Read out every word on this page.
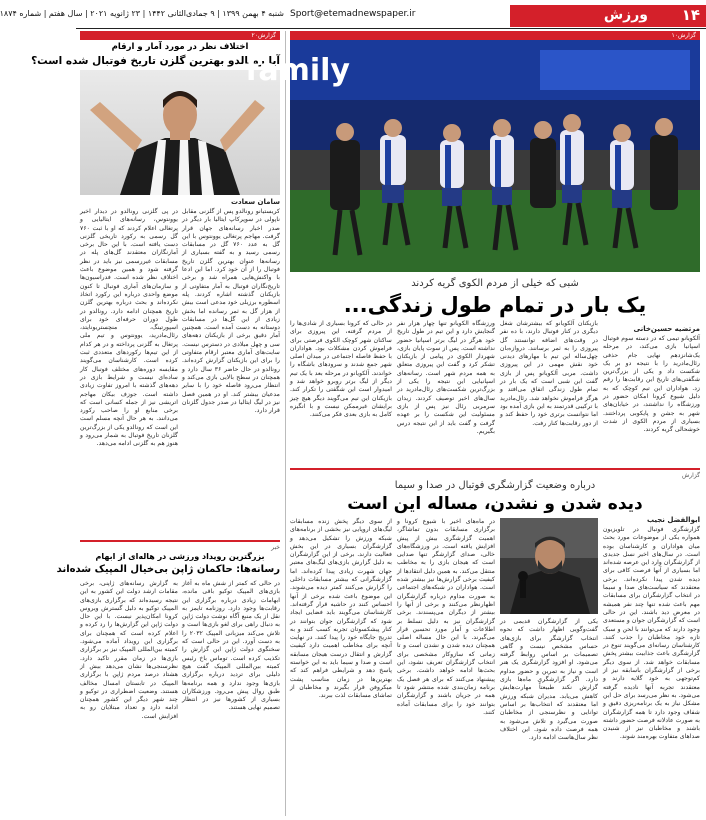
۱۴
ورزش
Sport@etemadnewspaper.ir
شنبه ۴ بهمن ۱۳۹۹ | ۹ جمادی‌الثانی ۱۴۴۲ | ۲۳ ژانویه ۲۰۲۱ | سال هفتم | شماره ۱۸۷۴
گزارش۲۰
اختلاف نظر در مورد آمار و ارقام
آیا رونالدو بهترین گلزن تاریخ فوتبال شده است؟
سامان سعادت

در پی گلزنی رونالدو در دیدار اخیر یوونتوس، رسانه‌های ایتالیایی و پرتغالی اعلام کردند که او با ثبت ۷۶۰ گل رسمی به رکورد تاریخی گلزنی دست یافته است. با این حال برخی آمارنگاران معتقدند گل‌های پله در مسابقات غیررسمی نیز باید در نظر گرفته شود و همین موضوع باعث اختلاف نظر شده است. فدراسیون‌ها و سازمان‌های آماری فوتبال تا کنون موضع واحدی درباره این رکورد اتخاذ نکرده‌اند و بحث درباره بهترین گلزن تاریخ همچنان ادامه دارد. رونالدو در طول دوران حرفه‌ای خود برای اسپورتینگ، منچستریونایتد، رئال‌مادرید، یوونتوس و تیم ملی پرتغال به گلزنی پرداخته و در هر کدام از این تیم‌ها رکوردهای متعددی ثبت کرده است. کارشناسان می‌گویند مقایسه دوره‌های مختلف فوتبال کار ساده‌ای نیست و شرایط بازی در دهه‌های گذشته با امروز تفاوت زیادی داشته است. جوزف بیکان مهاجم اتریشی نیز از جمله کسانی است که برخی منابع او را صاحب رکورد می‌دانند. به هر حال آنچه مسلم است این است که رونالدو یکی از بزرگ‌ترین گلزنان تاریخ فوتبال به شمار می‌رود و هنوز هم به گلزنی ادامه می‌دهد.

کریستیانو رونالدو پس از گلزنی مقابل ناپولی در سوپرکاپ ایتالیا بار دیگر در صدر اخبار رسانه‌های جهان قرار گرفت. مهاجم پرتغالی یوونتوس با این گل به عدد ۷۶۰ گل در مسابقات رسمی رسید و به گفته بسیاری از رسانه‌ها عنوان بهترین گلزن تاریخ فوتبال را از آن خود کرد. اما این ادعا با واکنش‌هایی همراه شد و برخی تاریخ‌نگاران فوتبال به آمار متفاوتی از بازیکنان گذشته اشاره کردند. پله اسطوره برزیلی خود مدعی است بیش از هزار گل به ثمر رسانده اما بخش زیادی از این گل‌ها در مسابقات دوستانه به دست آمده است. همچنین آمار دقیق برخی از بازیکنان دهه‌های سی و چهل میلادی در دسترس نیست. سایت‌های آماری معتبر ارقام متفاوتی را برای این بازیکنان گزارش کرده‌اند. رونالدو در حال حاضر ۳۶ سال دارد و همچنان در سطح بالایی بازی می‌کند و انتظار می‌رود فاصله خود را با سایر مدعیان بیشتر کند. او در همین فصل نیز در لیگ ایتالیا در صدر جدول گلزنان قرار دارد.

خبر
بزرگترین رویداد ورزشی در هاله‌ای از ابهام
رسانه‌ها: حاکمان ژاپن بی‌خیال المپیک شده‌اند

به گزارش رسانه‌های ژاپنی، برخی مقامات ارشد دولت این کشور به این نتیجه رسیده‌اند که برگزاری بازی‌های المپیک توکیو به دلیل گسترش ویروس کرونا امکان‌پذیر نیست. با این حال دولت ژاپن این گزارش‌ها را رد کرده و اعلام کرده است که همچنان برای برگزاری این رویداد آماده می‌شود. کمیته بین‌المللی المپیک نیز بر برگزاری بازی‌ها در زمان مقرر تاکید دارد. نظرسنجی‌ها نشان می‌دهد بیش از هشتاد درصد مردم ژاپن با برگزاری المپیک در تابستان امسال مخالف هستند. وضعیت اضطراری در توکیو و چند شهر دیگر این کشور همچنان ادامه دارد و تعداد مبتلایان رو به افزایش است.

در حالی که کمتر از شش ماه به آغاز بازی‌های المپیک توکیو باقی مانده، ابهامات زیادی درباره برگزاری این رقابت‌ها وجود دارد. روزنامه تایمز به نقل از یک منبع آگاه نوشت دولت ژاپن به دنبال راهی برای لغو بازی‌ها است و تلاش می‌کند میزبانی المپیک ۲۰۳۲ را به دست آورد. این در حالی است که سخنگوی دولت ژاپن این گزارش را تکذیب کرده است. توماس باخ رئیس کمیته بین‌المللی المپیک گفت هیچ دلیلی برای تردید درباره برگزاری بازی‌ها وجود ندارد و همه برنامه‌ها طبق روال پیش می‌رود. ورزشکاران بسیاری از کشورها نیز در انتظار تصمیم نهایی هستند.

گزارش۱۰
family
شبی که خیلی از مردم الکوی گریه کردند
یک بار در تمام طول زندگی...
مرتضیه حسین‌خانی

آلکویانو تیمی که در دسته سوم فوتبال اسپانیا بازی می‌کند، در مرحله یک‌شانزدهم نهایی جام حذفی رئال‌مادرید را با نتیجه دو بر یک شکست داد و یکی از بزرگ‌ترین شگفتی‌های تاریخ این رقابت‌ها را رقم زد. هواداران این تیم کوچک که به دلیل شیوع کرونا امکان حضور در ورزشگاه را نداشتند، در خیابان‌های شهر به جشن و پایکوبی پرداختند. بسیاری از مردم الکوی از شدت خوشحالی گریه کردند.

بازیکنان آلکویانو که بیشترشان شغل دیگری در کنار فوتبال دارند، با ده نفر در وقت‌های اضافه توانستند گل پیروزی را به ثمر برسانند. دروازه‌بان چهل‌ساله این تیم با مهارهای دیدنی خود نقش مهمی در این پیروزی داشت. مربی آلکویانو پس از بازی گفت این شبی است که یک بار در تمام طول زندگی اتفاق می‌افتد و هرگز فراموش نخواهد شد. رئال‌مادرید با ترکیبی قدرتمند به این بازی آمده بود اما نتوانست برتری خود را حفظ کند و از دور رقابت‌ها کنار رفت.

ورزشگاه الکویانو تنها چهار هزار نفر گنجایش دارد و این تیم در طول تاریخ خود هرگز در لیگ برتر اسپانیا حضور نداشته است. پس از سوت پایان بازی، شهردار الکوی در پیامی از بازیکنان تشکر کرد و گفت این پیروزی متعلق به همه مردم شهر است. رسانه‌های اسپانیایی این نتیجه را یکی از بزرگ‌ترین شکست‌های رئال‌مادرید در سال‌های اخیر توصیف کردند. زیدان سرمربی رئال نیز پس از بازی مسئولیت این شکست را بر عهده گرفت و گفت باید از این نتیجه درس بگیریم.

در حالی که کرونا بسیاری از شادی‌ها را از مردم گرفته، این پیروزی برای ساکنان شهر کوچک الکوی فرصتی برای فراموش کردن مشکلات بود. هواداران با حفظ فاصله اجتماعی در میدان اصلی شهر جمع شدند و سرودهای باشگاه را خواندند. آلکویانو در مرحله بعد با یک تیم دیگر از لیگ برتر روبرو خواهد شد و امیدوار است این شگفتی را تکرار کند. بازیکنان این تیم می‌گویند دیگر هیچ چیز برایشان غیرممکن نیست و با انگیزه کامل به بازی بعدی فکر می‌کنند.

گزارش
درباره وضعیت گزارشگری فوتبال در صدا و سیما
دیده شدن و نشدن، مساله این است
ابوالفضل نجیب

گزارشگری فوتبال در تلویزیون همواره یکی از موضوعات مورد بحث میان هواداران و کارشناسان بوده است. در سال‌های اخیر نسل جدیدی از گزارشگران وارد این عرصه شده‌اند اما بسیاری از آنها فرصت کافی برای دیده شدن پیدا نکرده‌اند. برخی معتقدند که سیاست‌های صدا و سیما در انتخاب گزارشگران برای مسابقات مهم باعث شده تنها چند نفر همیشه در معرض دید باشند. این در حالی است که گزارشگران جوان و مستعدی وجود دارند که می‌توانند با لحن و سبک تازه خود مخاطبان را جذب کنند. کارشناسان رسانه‌ای می‌گویند تنوع در گزارشگری باعث جذابیت بیشتر پخش مسابقات خواهد شد. از سوی دیگر برخی از گزارشگران باسابقه نیز از کم‌توجهی به خود گلایه دارند و معتقدند تجربه آنها نادیده گرفته می‌شود. به نظر می‌رسد برای حل این مشکل نیاز به یک برنامه‌ریزی دقیق و شفاف وجود دارد تا همه گزارشگران به صورت عادلانه فرصت حضور داشته باشند و مخاطبان نیز از شنیدن صداهای متفاوت بهره‌مند شوند.

یکی از گزارشگران قدیمی در گفت‌وگویی اظهار داشت که نحوه انتخاب گزارشگر برای بازی‌های حساس مشخص نیست و گاهی تصمیمات بر اساس روابط گرفته می‌شود. او افزود گزارشگری یک هنر است و نیاز به تمرین و حضور مداوم دارد. اگر گزارشگری ماه‌ها بازی گزارش نکند طبیعتاً مهارت‌هایش کاهش می‌یابد. مدیران شبکه ورزش اما معتقدند که انتخاب‌ها بر اساس توانایی و نظرسنجی از مخاطبان صورت می‌گیرد و تلاش می‌شود به همه فرصت داده شود. این اختلاف نظر سال‌هاست ادامه دارد.

در ماه‌های اخیر با شیوع کرونا و برگزاری مسابقات بدون تماشاگر، اهمیت گزارشگری بیش از پیش افزایش یافته است. در ورزشگاه‌های خالی، صدای گزارشگر تنها صدایی است که هیجان بازی را به مخاطب منتقل می‌کند. به همین دلیل انتقادها از کیفیت برخی گزارش‌ها نیز بیشتر شده است. هواداران در شبکه‌های اجتماعی به صورت مداوم درباره گزارشگران اظهارنظر می‌کنند و برخی از آنها را بیشتر از دیگران می‌پسندند. برخی گزارشگران نیز به دلیل تسلط بر اطلاعات و آمار مورد تحسین قرار می‌گیرند. با این حال مساله اصلی همچنان دیده شدن و نشدن است و تا زمانی که سازوکار مشخصی برای انتخاب گزارشگران تعریف نشود، این بحث‌ها ادامه خواهد داشت. برخی پیشنهاد می‌کنند که برای هر فصل یک برنامه زمان‌بندی شده منتشر شود تا همه در جریان باشند و گزارشگران بتوانند خود را برای مسابقات آماده کنند.

از سوی دیگر پخش زنده مسابقات لیگ‌های اروپایی نیز بخشی از برنامه‌های شبکه ورزش را تشکیل می‌دهد و گزارشگران بسیاری در این بخش فعالیت دارند. برخی از این گزارشگران به دلیل گزارش بازی‌های لیگ‌های معتبر جهان شهرت زیادی پیدا کرده‌اند. اما گزارشگرانی که بیشتر مسابقات داخلی را گزارش می‌کنند کمتر دیده می‌شوند. این موضوع باعث شده برخی از آنها احساس کنند در حاشیه قرار گرفته‌اند. کارشناسان می‌گویند باید فضایی ایجاد شود که گزارشگران جوان بتوانند در کنار پیشکسوتان تجربه کسب کنند و به تدریج جایگاه خود را پیدا کنند. در نهایت آنچه برای مخاطب اهمیت دارد کیفیت گزارش و انتقال درست هیجان مسابقه است و صدا و سیما باید به این خواسته پاسخ دهد و شرایطی فراهم کند که بهترین‌ها در زمان مناسب پشت میکروفن قرار بگیرند و مخاطبان از تماشای مسابقات لذت ببرند.
